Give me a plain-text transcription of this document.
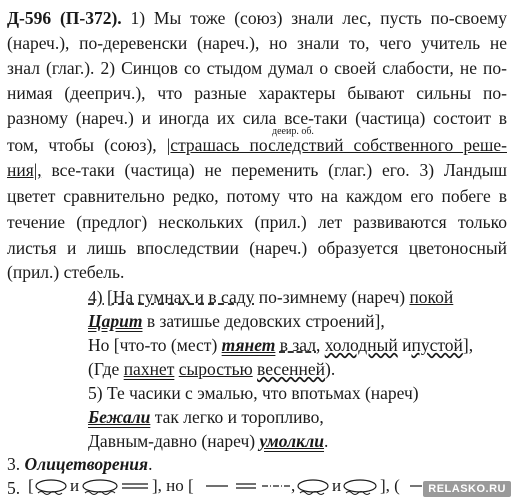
Д-596 (П-372). 1) Мы тоже (союз) знали лес, пусть по-своему
(нареч.), по-деревенски (нареч.), но знали то, чего учитель не
знал (глаг.). 2) Синцов со стыдом думал о своей слабости, не по-
нимая (дееприч.), что разные характеры бывают сильны по-
разному (нареч.) и иногда их сила все-таки (частица) состоит в
дееир. об.
том, чтобы (союз), |страшась последствий собственного реше-
ния|, все-таки (частица) не переменить (глаг.) его. 3) Ландыш
цветет сравнительно редко, потому что на каждом его побеге в
течение (предлог) нескольких (прил.) лет развиваются только
листья и лишь впоследствии (нареч.) образуется цветоносный
(прил.) стебель.
4) [На гумнах и в саду по-зимнему (нареч) покой
Царит в затишье дедовских строений],
Но [что-то (мест) тянет в зал, холодный ипустой],
(Где пахнет сыростью весенней).
5) Те часики с эмалью, что впотьмах (нареч)
Бежали так легко и торопливо,
Давным-давно (нареч) умолкли.
3. Олицетворения.
5. [ и	], но [	, и ], (	RELASKO.RU
